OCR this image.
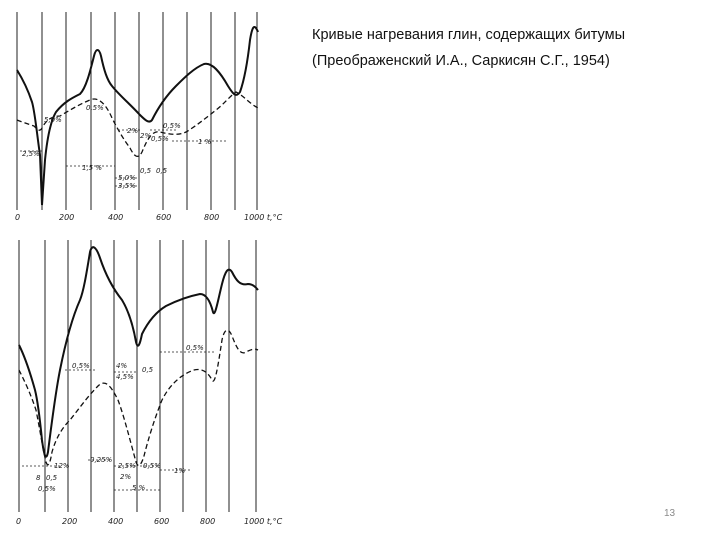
0,5%
5,0%
2,5%
1,5 %
2%
0,5%
2% 0,5%
5,0%
3,5%
0,5 0,5
1 %
0	200	400	600	800	1000 t,°C
0,5%	4%
4,5%
0,5
0,5%
12%
0,5
8
0,5%
0,25%
2,5%
2%
0,5%
1%
5 %
0	200	400	600	800	1000 t,°C
Кривые нагревания глин, содержащих битумы
(Преображенский И.А., Саркисян С.Г., 1954)
13
